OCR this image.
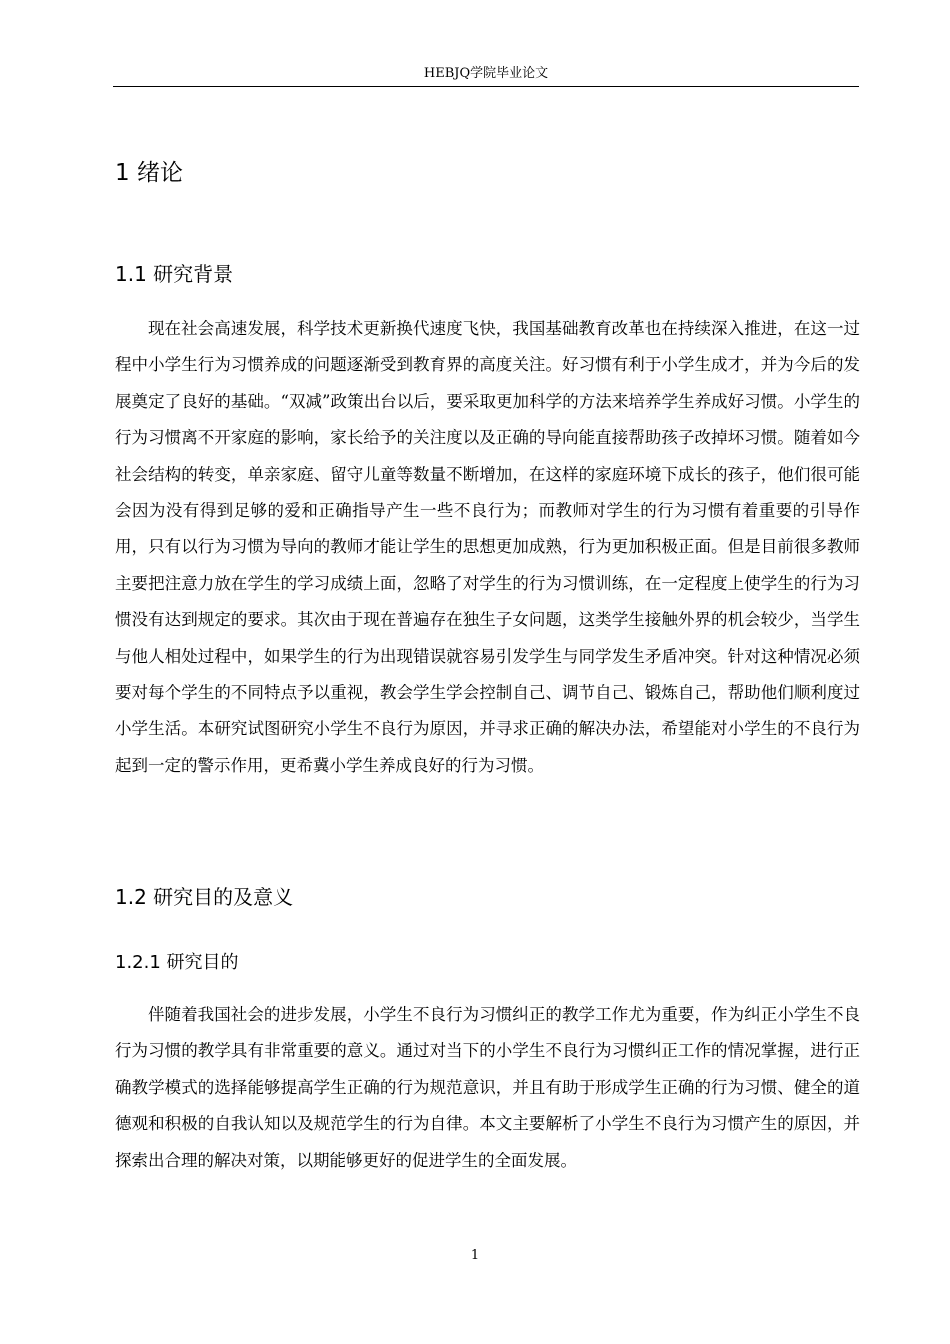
HEBJQ学院毕业论文
1 绪论
1.1 研究背景

现在社会高速发展，科学技术更新换代速度飞快，我国基础教育改革也在持续深入推进，在这一过程中小学生行为习惯养成的问题逐渐受到教育界的高度关注。好习惯有利于小学生成才，并为今后的发展奠定了良好的基础。“双减”政策出台以后，要采取更加科学的方法来培养学生养成好习惯。小学生的行为习惯离不开家庭的影响，家长给予的关注度以及正确的导向能直接帮助孩子改掉坏习惯。随着如今社会结构的转变，单亲家庭、留守儿童等数量不断增加，在这样的家庭环境下成长的孩子，他们很可能会因为没有得到足够的爱和正确指导产生一些不良行为；而教师对学生的行为习惯有着重要的引导作用，只有以行为习惯为导向的教师才能让学生的思想更加成熟，行为更加积极正面。但是目前很多教师主要把注意力放在学生的学习成绩上面，忽略了对学生的行为习惯训练，在一定程度上使学生的行为习惯没有达到规定的要求。其次由于现在普遍存在独生子女问题，这类学生接触外界的机会较少，当学生与他人相处过程中，如果学生的行为出现错误就容易引发学生与同学发生矛盾冲突。针对这种情况必须要对每个学生的不同特点予以重视，教会学生学会控制自己、调节自己、锻炼自己，帮助他们顺利度过小学生活。本研究试图研究小学生不良行为原因，并寻求正确的解决办法，希望能对小学生的不良行为起到一定的警示作用，更希冀小学生养成良好的行为习惯。

1.2 研究目的及意义
1.2.1 研究目的

伴随着我国社会的进步发展，小学生不良行为习惯纠正的教学工作尤为重要，作为纠正小学生不良行为习惯的教学具有非常重要的意义。通过对当下的小学生不良行为习惯纠正工作的情况掌握，进行正确教学模式的选择能够提高学生正确的行为规范意识，并且有助于形成学生正确的行为习惯、健全的道德观和积极的自我认知以及规范学生的行为自律。本文主要解析了小学生不良行为习惯产生的原因，并探索出合理的解决对策，以期能够更好的促进学生的全面发展。

1
